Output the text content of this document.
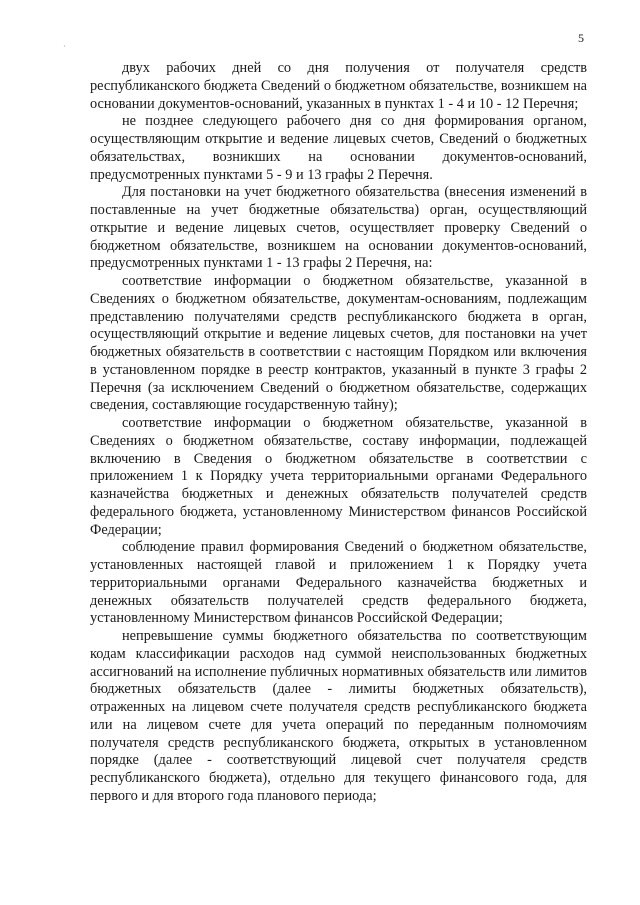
5
·

двух рабочих дней со дня получения от получателя средств республиканского бюджета Сведений о бюджетном обязательстве, возникшем на основании документов-оснований, указанных в пунктах 1 - 4 и 10 - 12 Перечня;

не позднее следующего рабочего дня со дня формирования органом, осуществляющим открытие и ведение лицевых счетов, Сведений о бюджетных обязательствах, возникших на основании документов-оснований, предусмотренных пунктами 5 - 9 и 13 графы 2 Перечня.

Для постановки на учет бюджетного обязательства (внесения изменений в поставленные на учет бюджетные обязательства) орган, осуществляющий открытие и ведение лицевых счетов, осуществляет проверку Сведений о бюджетном обязательстве, возникшем на основании документов-оснований, предусмотренных пунктами 1 - 13 графы 2 Перечня, на:

соответствие информации о бюджетном обязательстве, указанной в Сведениях о бюджетном обязательстве, документам-основаниям, подлежащим представлению получателями средств республиканского бюджета в орган, осуществляющий открытие и ведение лицевых счетов, для постановки на учет бюджетных обязательств в соответствии с настоящим Порядком или включения в установленном порядке в реестр контрактов, указанный в пункте 3 графы 2 Перечня (за исключением Сведений о бюджетном обязательстве, содержащих сведения, составляющие государственную тайну);

соответствие информации о бюджетном обязательстве, указанной в Сведениях о бюджетном обязательстве, составу информации, подлежащей включению в Сведения о бюджетном обязательстве в соответствии с приложением 1 к Порядку учета территориальными органами Федерального казначейства бюджетных и денежных обязательств получателей средств федерального бюджета, установленному Министерством финансов Российской Федерации;

соблюдение правил формирования Сведений о бюджетном обязательстве, установленных настоящей главой и приложением 1 к Порядку учета территориальными органами Федерального казначейства бюджетных и денежных обязательств получателей средств федерального бюджета, установленному Министерством финансов Российской Федерации;

непревышение суммы бюджетного обязательства по соответствующим кодам классификации расходов над суммой неиспользованных бюджетных ассигнований на исполнение публичных нормативных обязательств или лимитов бюджетных обязательств (далее - лимиты бюджетных обязательств), отраженных на лицевом счете получателя средств республиканского бюджета или на лицевом счете для учета операций по переданным полномочиям получателя средств республиканского бюджета, открытых в установленном порядке (далее - соответствующий лицевой счет получателя средств республиканского бюджета), отдельно для текущего финансового года, для первого и для второго года планового периода;
